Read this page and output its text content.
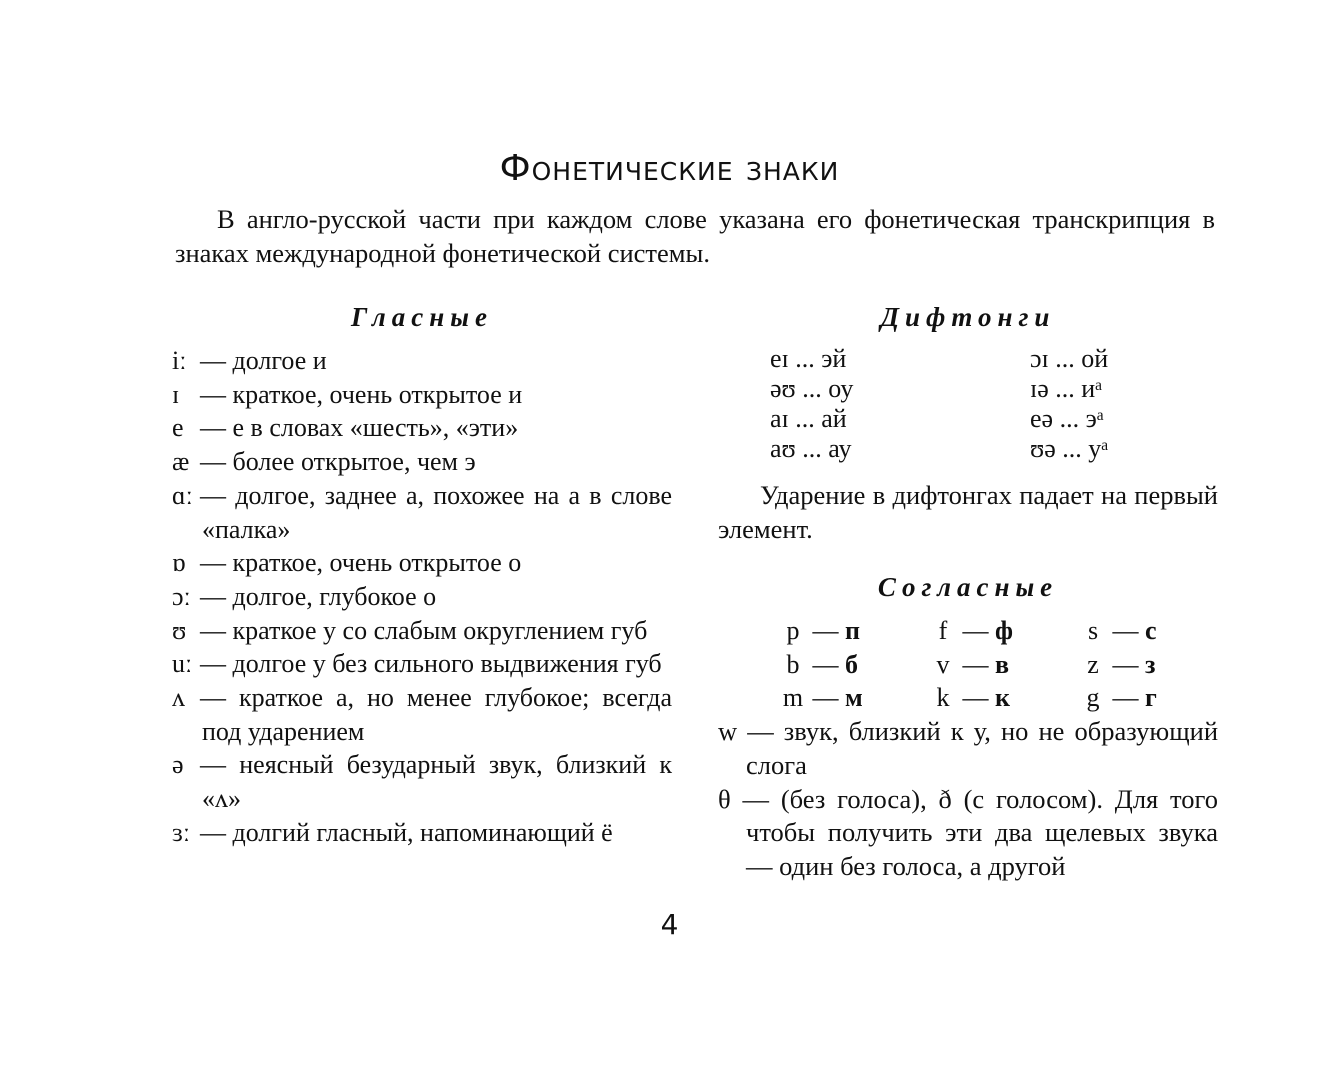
Фонетические знаки

В англо-русской части при каждом слове указана его фонетическая транскрипция в знаках международной фонетической системы.

Гласные
iː — долгое и
ɪ — краткое, очень открытое и
e — е в словах «шесть», «эти»
æ — более открытое, чем э
ɑː — долгое, заднее а, похожее на а в слове «палка»
ɒ — краткое, очень открытое о
ɔː — долгое, глубокое о
ʊ — краткое у со слабым округлением губ
uː — долгое у без сильного выдвижения губ
ʌ — краткое а, но менее глубокое; всегда под ударением
ə — неясный безударный звук, близкий к «ʌ»
ɜː — долгий гласный, напоминающий ё
Дифтонги
eɪ ... эй	ɔɪ ... ой
əʊ ... оу	ɪə ... иᵃ
aɪ ... ай	eə ... эᵃ
aʊ ... ау	ʊə ... уᵃ

Ударение в дифтонгах падает на первый элемент.

Согласные
p — п	f — ф	s — с
b — б	v — в	z — з
m — м	k — к	g — г
w — звук, близкий к у, но не образующий слога
θ — (без голоса), ð (с голосом). Для того чтобы получить эти два щелевых звука — один без голоса, а другой
4
